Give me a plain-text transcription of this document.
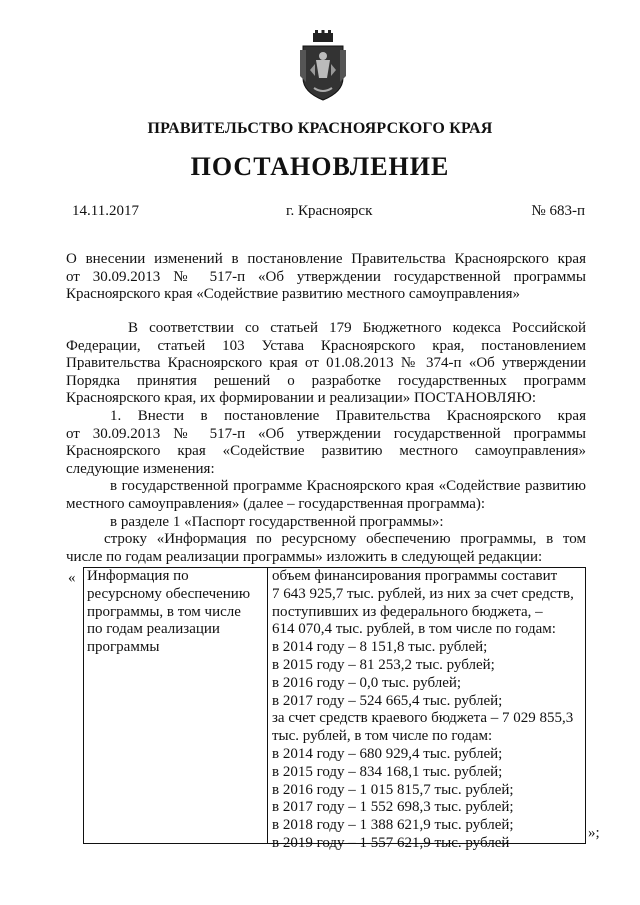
ПРАВИТЕЛЬСТВО КРАСНОЯРСКОГО КРАЯ
ПОСТАНОВЛЕНИЕ
14.11.2017	г. Красноярск	№ 683-п
О внесении изменений в постановление Правительства Красноярского края
от 30.09.2013 № 517-п «Об утверждении государственной программы
Красноярского края «Содействие развитию местного самоуправления»
В соответствии со статьей 179 Бюджетного кодекса Российской
Федерации, статьей 103 Устава Красноярского края, постановлением
Правительства Красноярского края от 01.08.2013 № 374-п «Об утверждении
Порядка принятия решений о разработке государственных программ
Красноярского края, их формировании и реализации» ПОСТАНОВЛЯЮ:
1. Внести в постановление Правительства Красноярского края
от 30.09.2013 № 517-п «Об утверждении государственной программы
Красноярского края «Содействие развитию местного самоуправления»
следующие изменения:
в государственной программе Красноярского края «Содействие развитию
местного самоуправления» (далее – государственная программа):
в разделе 1 «Паспорт государственной программы»:
строку «Информация по ресурсному обеспечению программы, в том
числе по годам реализации программы» изложить в следующей редакции:
«
»;
Информация по
ресурсному обеспечению
программы, в том числе
по годам реализации
программы
объем финансирования программы составит
7 643 925,7 тыс. рублей, из них за счет средств,
поступивших из федерального бюджета, –
614 070,4 тыс. рублей, в том числе по годам:
в 2014 году – 8 151,8 тыс. рублей;
в 2015 году – 81 253,2 тыс. рублей;
в 2016 году – 0,0 тыс. рублей;
в 2017 году – 524 665,4 тыс. рублей;
за счет средств краевого бюджета – 7 029 855,3
тыс. рублей, в том числе по годам:
в 2014 году – 680 929,4 тыс. рублей;
в 2015 году – 834 168,1 тыс. рублей;
в 2016 году – 1 015 815,7 тыс. рублей;
в 2017 году – 1 552 698,3 тыс. рублей;
в 2018 году – 1 388 621,9 тыс. рублей;
в 2019 году – 1 557 621,9 тыс. рублей
